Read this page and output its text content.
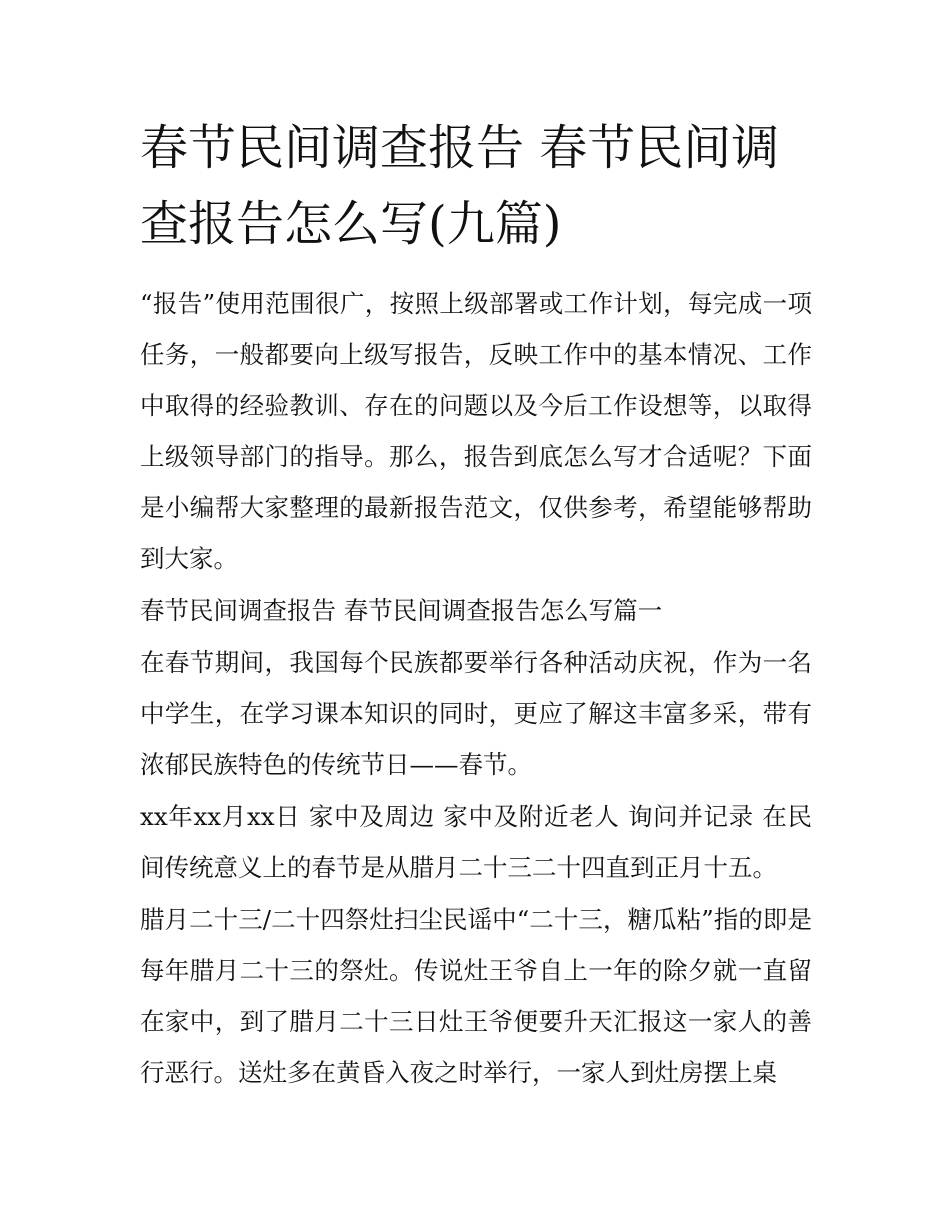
春节民间调查报告 春节民间调查报告怎么写(九篇)

“报告”使用范围很广，按照上级部署或工作计划，每完成一项任务，一般都要向上级写报告，反映工作中的基本情况、工作中取得的经验教训、存在的问题以及今后工作设想等，以取得上级领导部门的指导。那么，报告到底怎么写才合适呢？下面是小编帮大家整理的最新报告范文，仅供参考，希望能够帮助到大家。

春节民间调查报告 春节民间调查报告怎么写篇一

在春节期间，我国每个民族都要举行各种活动庆祝，作为一名中学生，在学习课本知识的同时，更应了解这丰富多采，带有浓郁民族特色的传统节日——春节。

xx年xx月xx日 家中及周边 家中及附近老人 询问并记录 在民间传统意义上的春节是从腊月二十三二十四直到正月十五。

腊月二十三/二十四祭灶扫尘民谣中“二十三，糖瓜粘”指的即是每年腊月二十三的祭灶。传说灶王爷自上一年的除夕就一直留在家中，到了腊月二十三日灶王爷便要升天汇报这一家人的善行恶行。送灶多在黄昏入夜之时举行，一家人到灶房摆上桌
